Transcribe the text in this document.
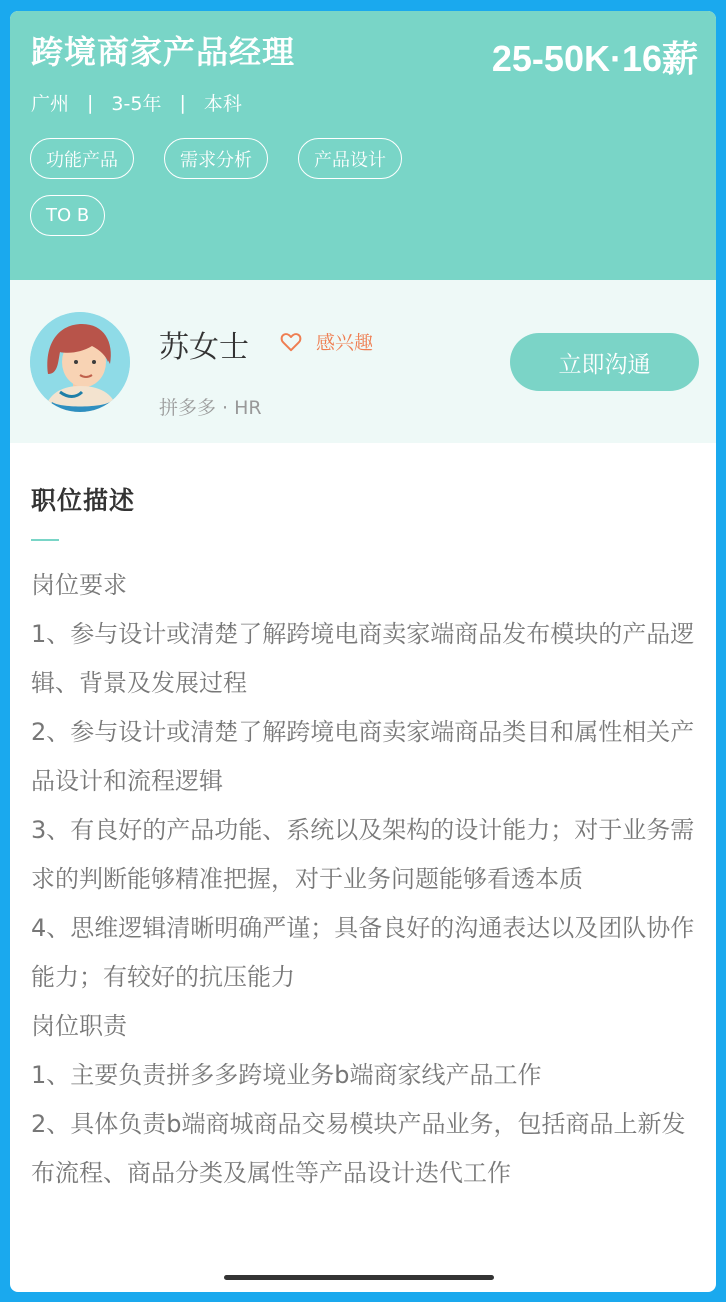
跨境商家产品经理	25-50K·16薪
广州 | 3-5年 | 本科
功能产品	需求分析	产品设计
TO B
苏女士	感兴趣
拼多多 · HR
立即沟通
职位描述

岗位要求

1、参与设计或清楚了解跨境电商卖家端商品发布模块的产品逻辑、背景及发展过程

2、参与设计或清楚了解跨境电商卖家端商品类目和属性相关产品设计和流程逻辑

3、有良好的产品功能、系统以及架构的设计能力；对于业务需求的判断能够精准把握，对于业务问题能够看透本质

4、思维逻辑清晰明确严谨；具备良好的沟通表达以及团队协作能力；有较好的抗压能力

岗位职责

1、主要负责拼多多跨境业务b端商家线产品工作

2、具体负责b端商城商品交易模块产品业务，包括商品上新发布流程、商品分类及属性等产品设计迭代工作
